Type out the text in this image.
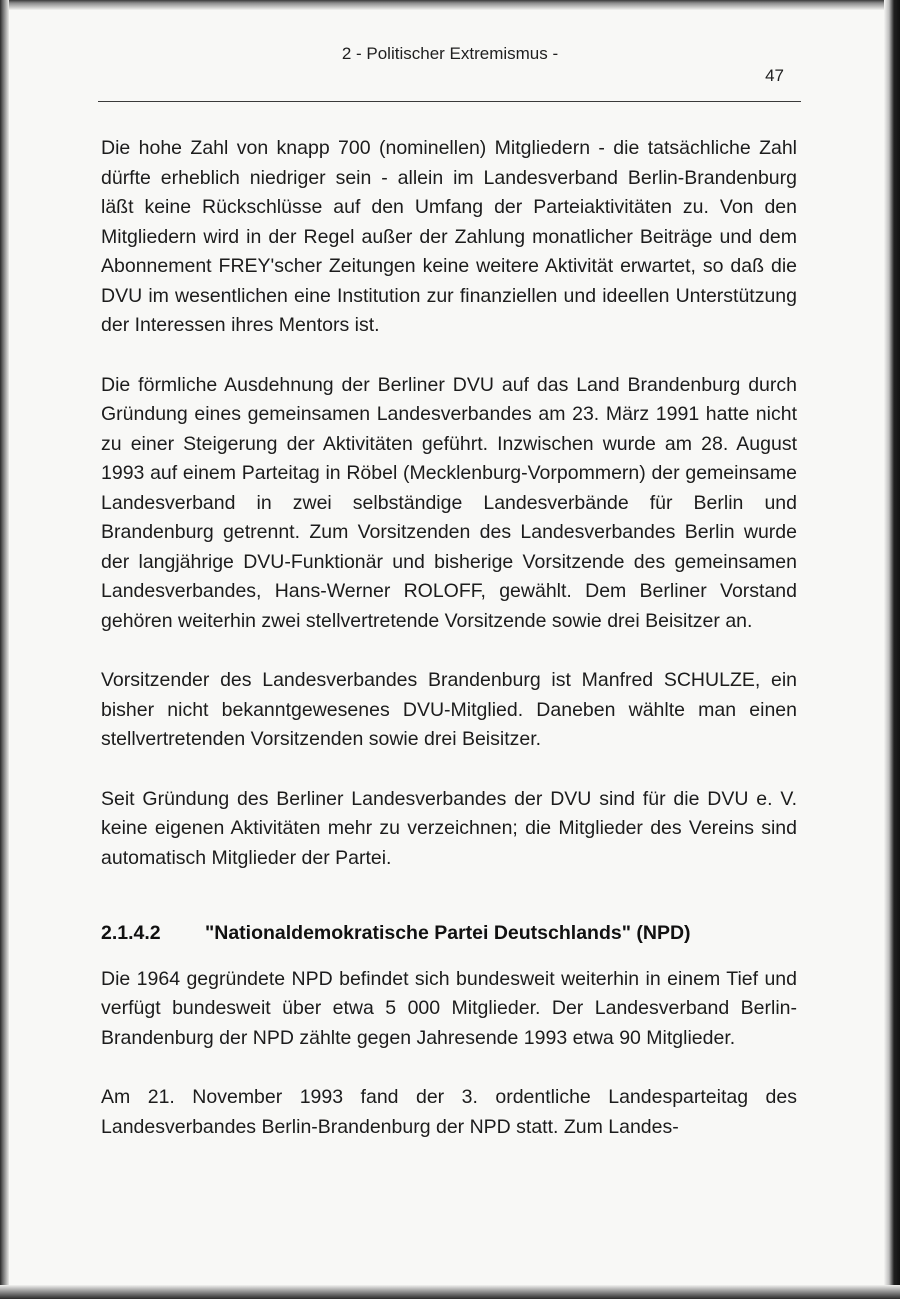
2 - Politischer Extremismus -
47

Die hohe Zahl von knapp 700 (nominellen) Mitgliedern - die tatsächliche Zahl dürfte erheblich niedriger sein - allein im Landesverband Berlin-Brandenburg läßt keine Rückschlüsse auf den Umfang der Parteiaktivitäten zu. Von den Mitgliedern wird in der Regel außer der Zahlung monatlicher Beiträge und dem Abonnement FREY'scher Zeitungen keine weitere Aktivität erwartet, so daß die DVU im wesentlichen eine Institution zur finanziellen und ideellen Unterstützung der Interessen ihres Mentors ist.

Die förmliche Ausdehnung der Berliner DVU auf das Land Brandenburg durch Gründung eines gemeinsamen Landesverbandes am 23. März 1991 hatte nicht zu einer Steigerung der Aktivitäten geführt. Inzwischen wurde am 28. August 1993 auf einem Parteitag in Röbel (Mecklenburg-Vorpommern) der gemeinsame Landesverband in zwei selbständige Landesverbände für Berlin und Brandenburg getrennt. Zum Vorsitzenden des Landesverbandes Berlin wurde der langjährige DVU-Funktionär und bisherige Vorsitzende des gemeinsamen Landesverbandes, Hans-Werner ROLOFF, gewählt. Dem Berliner Vorstand gehören weiterhin zwei stellvertretende Vorsitzende sowie drei Beisitzer an.

Vorsitzender des Landesverbandes Brandenburg ist Manfred SCHULZE, ein bisher nicht bekanntgewesenes DVU-Mitglied. Daneben wählte man einen stellvertretenden Vorsitzenden sowie drei Beisitzer.

Seit Gründung des Berliner Landesverbandes der DVU sind für die DVU e. V. keine eigenen Aktivitäten mehr zu verzeichnen; die Mitglieder des Vereins sind automatisch Mitglieder der Partei.

2.1.4.2	"Nationaldemokratische Partei Deutschlands" (NPD)

Die 1964 gegründete NPD befindet sich bundesweit weiterhin in einem Tief und verfügt bundesweit über etwa 5 000 Mitglieder. Der Landesverband Berlin-Brandenburg der NPD zählte gegen Jahresende 1993 etwa 90 Mitglieder.

Am 21. November 1993 fand der 3. ordentliche Landesparteitag des Landesverbandes Berlin-Brandenburg der NPD statt. Zum Landes-
